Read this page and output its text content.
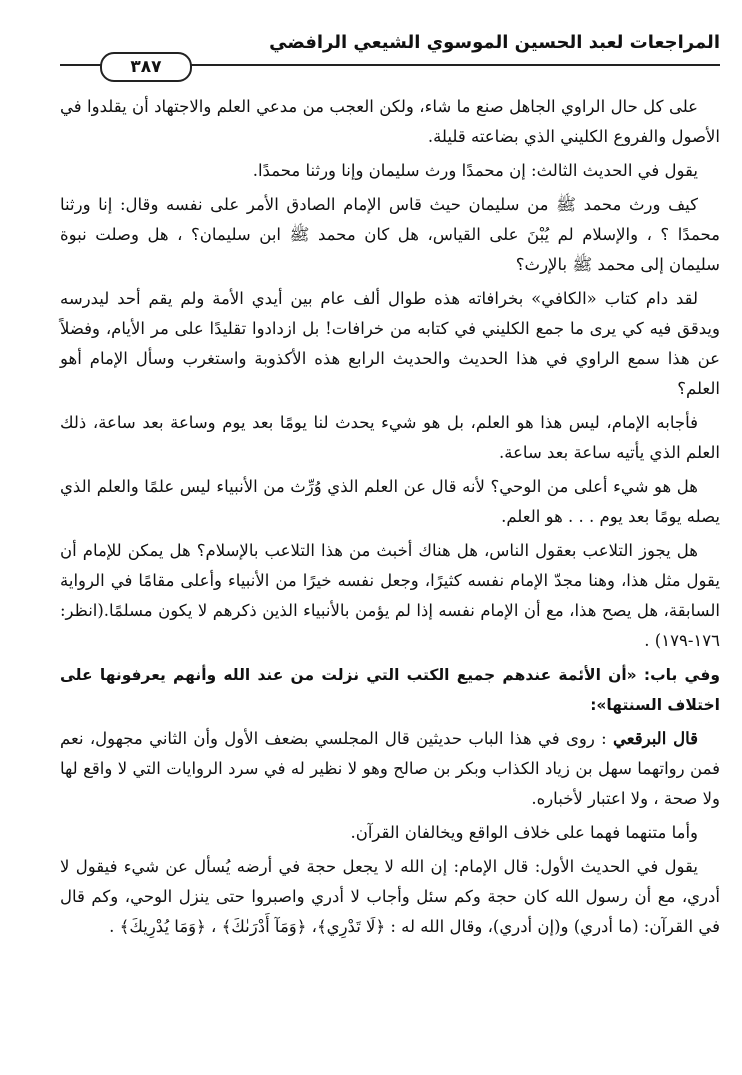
المراجعات لعبد الحسين الموسوي الشيعي الرافضي
٣٨٧

على كل حال الراوي الجاهل صنع ما شاء، ولكن العجب من مدعي العلم والاجتهاد أن يقلدوا في الأصول والفروع الكليني الذي بضاعته قليلة.

يقول في الحديث الثالث: إن محمدًا ورث سليمان وإنا ورثنا محمدًا.

كيف ورث محمد ﷺ من سليمان حيث قاس الإمام الصادق الأمر على نفسه وقال: إنا ورثنا محمدًا ؟ ، والإسلام لم يُبْنَ على القياس، هل كان محمد ﷺ ابن سليمان؟ ، هل وصلت نبوة سليمان إلى محمد ﷺ بالإرث؟

لقد دام كتاب «الكافي» بخرافاته هذه طوال ألف عام بين أيدي الأمة ولم يقم أحد ليدرسه ويدقق فيه كي يرى ما جمع الكليني في كتابه من خرافات! بل ازدادوا تقليدًا على مر الأيام، وفضلاً عن هذا سمع الراوي في هذا الحديث والحديث الرابع هذه الأكذوبة واستغرب وسأل الإمام أهو العلم؟

فأجابه الإمام، ليس هذا هو العلم، بل هو شيء يحدث لنا يومًا بعد يوم وساعة بعد ساعة، ذلك العلم الذي يأتيه ساعة بعد ساعة.

هل هو شيء أعلى من الوحي؟ لأنه قال عن العلم الذي وُرِّث من الأنبياء ليس علمًا والعلم الذي يصله يومًا بعد يوم . . . هو العلم.

هل يجوز التلاعب بعقول الناس، هل هناك أخبث من هذا التلاعب بالإسلام؟ هل يمكن للإمام أن يقول مثل هذا، وهنا مجدّ الإمام نفسه كثيرًا، وجعل نفسه خيرًا من الأنبياء وأعلى مقامًا في الرواية السابقة، هل يصح هذا، مع أن الإمام نفسه إذا لم يؤمن بالأنبياء الذين ذكرهم لا يكون مسلمًا.(انظر: ١٧٦-١٧٩) .

وفي باب: «أن الأئمة عندهم جميع الكتب التي نزلت من عند الله وأنهم يعرفونها على اختلاف السنتها»:

قال البرقعي : روى في هذا الباب حديثين قال المجلسي بضعف الأول وأن الثاني مجهول، نعم فمن رواتهما سهل بن زياد الكذاب وبكر بن صالح وهو لا نظير له في سرد الروايات التي لا واقع لها ولا صحة ، ولا اعتبار لأخباره.

وأما متنهما فهما على خلاف الواقع ويخالفان القرآن.

يقول في الحديث الأول: قال الإمام: إن الله لا يجعل حجة في أرضه يُسأل عن شيء فيقول لا أدري، مع أن رسول الله كان حجة وكم سئل وأجاب لا أدري واصبروا حتى ينزل الوحي، وكم قال في القرآن: (ما أدري) و(إن أدري)، وقال الله له : ﴿لَا تَدْرِي﴾، ﴿وَمَآ أَدْرَىٰكَ﴾ ، ﴿وَمَا يُدْرِيكَ﴾ .
